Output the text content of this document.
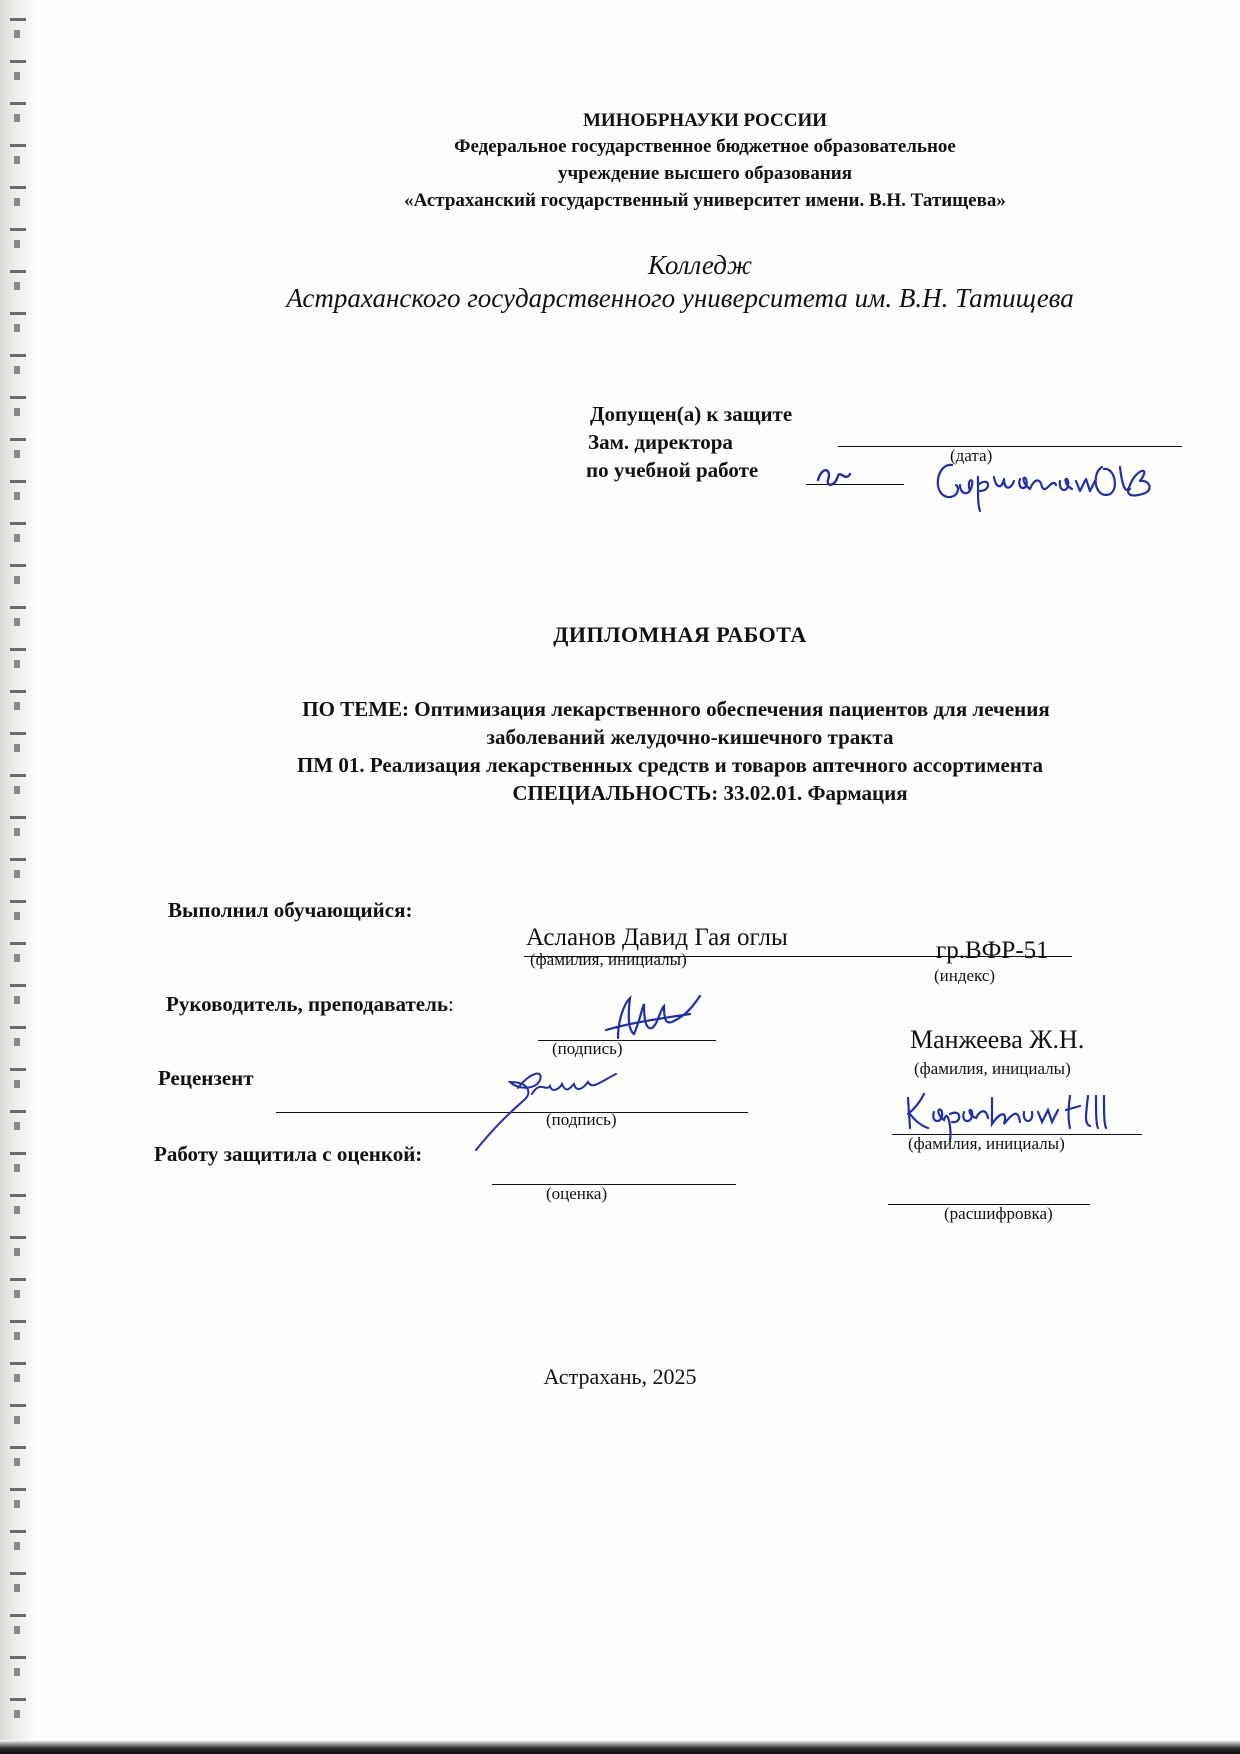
МИНОБРНАУКИ РОССИИ
Федеральное государственное бюджетное образовательное
учреждение высшего образования
«Астраханский государственный университет имени. В.Н. Татищева»
Колледж
Астраханского государственного университета им. В.Н. Татищева
Допущен(а) к защите
Зам. директора
(дата)
по учебной работе
ДИПЛОМНАЯ РАБОТА
ПО ТЕМЕ: Оптимизация лекарственного обеспечения пациентов для лечения
заболеваний желудочно-кишечного тракта
ПМ 01. Реализация лекарственных средств и товаров аптечного ассортимента
СПЕЦИАЛЬНОСТЬ: 33.02.01. Фармация
Выполнил обучающийся:
Асланов Давид Гая оглы	гр.ВФР-51
(фамилия, инициалы)
(индекс)
Руководитель, преподаватель:
(подпись)	Манжеева Ж.Н.
(фамилия, инициалы)
Рецензент
(подпись)
(фамилия, инициалы)
Работу защитила с оценкой:
(оценка)
(расшифровка)
Астрахань, 2025
